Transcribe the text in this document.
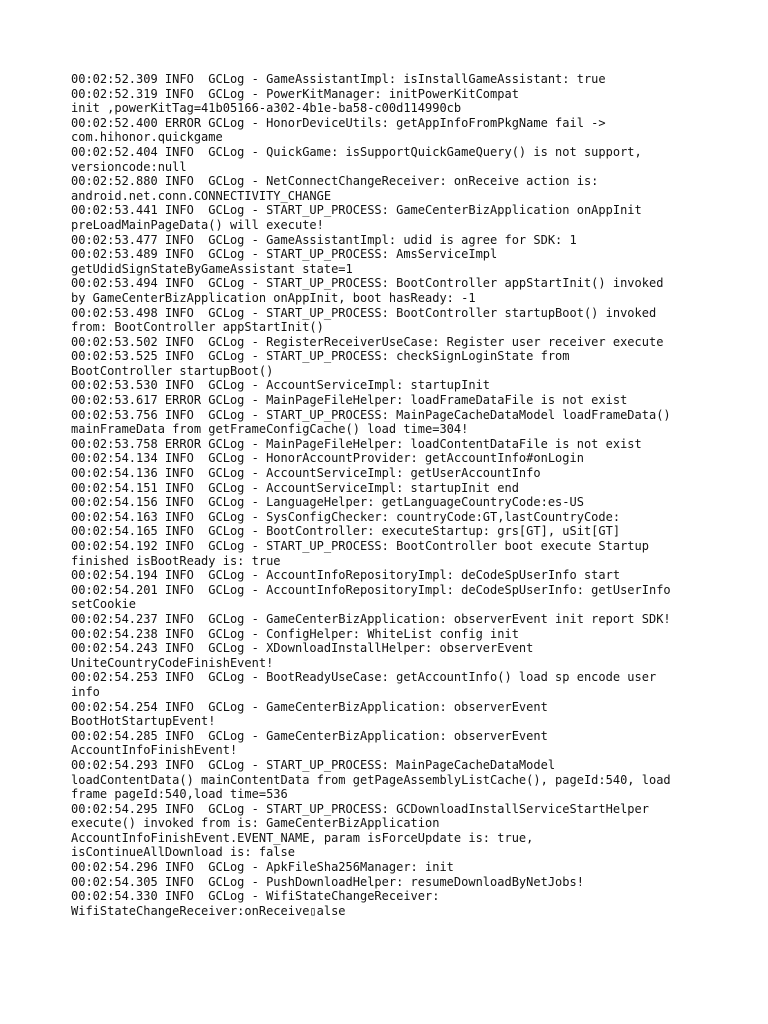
00:02:52.309 INFO  GCLog - GameAssistantImpl: isInstallGameAssistant: true
00:02:52.319 INFO  GCLog - PowerKitManager: initPowerKitCompat
init ,powerKitTag=41b05166-a302-4b1e-ba58-c00d114990cb
00:02:52.400 ERROR GCLog - HonorDeviceUtils: getAppInfoFromPkgName fail ->
com.hihonor.quickgame
00:02:52.404 INFO  GCLog - QuickGame: isSupportQuickGameQuery() is not support,
versioncode:null
00:02:52.880 INFO  GCLog - NetConnectChangeReceiver: onReceive action is:
android.net.conn.CONNECTIVITY_CHANGE
00:02:53.441 INFO  GCLog - START_UP_PROCESS: GameCenterBizApplication onAppInit
preLoadMainPageData() will execute!
00:02:53.477 INFO  GCLog - GameAssistantImpl: udid is agree for SDK: 1
00:02:53.489 INFO  GCLog - START_UP_PROCESS: AmsServiceImpl
getUdidSignStateByGameAssistant state=1
00:02:53.494 INFO  GCLog - START_UP_PROCESS: BootController appStartInit() invoked
by GameCenterBizApplication onAppInit, boot hasReady: -1
00:02:53.498 INFO  GCLog - START_UP_PROCESS: BootController startupBoot() invoked
from: BootController appStartInit()
00:02:53.502 INFO  GCLog - RegisterReceiverUseCase: Register user receiver execute
00:02:53.525 INFO  GCLog - START_UP_PROCESS: checkSignLoginState from
BootController startupBoot()
00:02:53.530 INFO  GCLog - AccountServiceImpl: startupInit
00:02:53.617 ERROR GCLog - MainPageFileHelper: loadFrameDataFile is not exist
00:02:53.756 INFO  GCLog - START_UP_PROCESS: MainPageCacheDataModel loadFrameData()
mainFrameData from getFrameConfigCache() load time=304!
00:02:53.758 ERROR GCLog - MainPageFileHelper: loadContentDataFile is not exist
00:02:54.134 INFO  GCLog - HonorAccountProvider: getAccountInfo#onLogin
00:02:54.136 INFO  GCLog - AccountServiceImpl: getUserAccountInfo
00:02:54.151 INFO  GCLog - AccountServiceImpl: startupInit end
00:02:54.156 INFO  GCLog - LanguageHelper: getLanguageCountryCode:es-US
00:02:54.163 INFO  GCLog - SysConfigChecker: countryCode:GT,lastCountryCode:
00:02:54.165 INFO  GCLog - BootController: executeStartup: grs[GT], uSit[GT]
00:02:54.192 INFO  GCLog - START_UP_PROCESS: BootController boot execute Startup
finished isBootReady is: true
00:02:54.194 INFO  GCLog - AccountInfoRepositoryImpl: deCodeSpUserInfo start
00:02:54.201 INFO  GCLog - AccountInfoRepositoryImpl: deCodeSpUserInfo: getUserInfo
setCookie
00:02:54.237 INFO  GCLog - GameCenterBizApplication: observerEvent init report SDK!
00:02:54.238 INFO  GCLog - ConfigHelper: WhiteList config init
00:02:54.243 INFO  GCLog - XDownloadInstallHelper: observerEvent
UniteCountryCodeFinishEvent!
00:02:54.253 INFO  GCLog - BootReadyUseCase: getAccountInfo() load sp encode user
info
00:02:54.254 INFO  GCLog - GameCenterBizApplication: observerEvent
BootHotStartupEvent!
00:02:54.285 INFO  GCLog - GameCenterBizApplication: observerEvent
AccountInfoFinishEvent!
00:02:54.293 INFO  GCLog - START_UP_PROCESS: MainPageCacheDataModel
loadContentData() mainContentData from getPageAssemblyListCache(), pageId:540, load
frame pageId:540,load time=536
00:02:54.295 INFO  GCLog - START_UP_PROCESS: GCDownloadInstallServiceStartHelper
execute() invoked from is: GameCenterBizApplication
AccountInfoFinishEvent.EVENT_NAME, param isForceUpdate is: true,
isContinueAllDownload is: false
00:02:54.296 INFO  GCLog - ApkFileSha256Manager: init
00:02:54.305 INFO  GCLog - PushDownloadHelper: resumeDownloadByNetJobs!
00:02:54.330 INFO  GCLog - WifiStateChangeReceiver:
WifiStateChangeReceiver:onReceive▯alse
